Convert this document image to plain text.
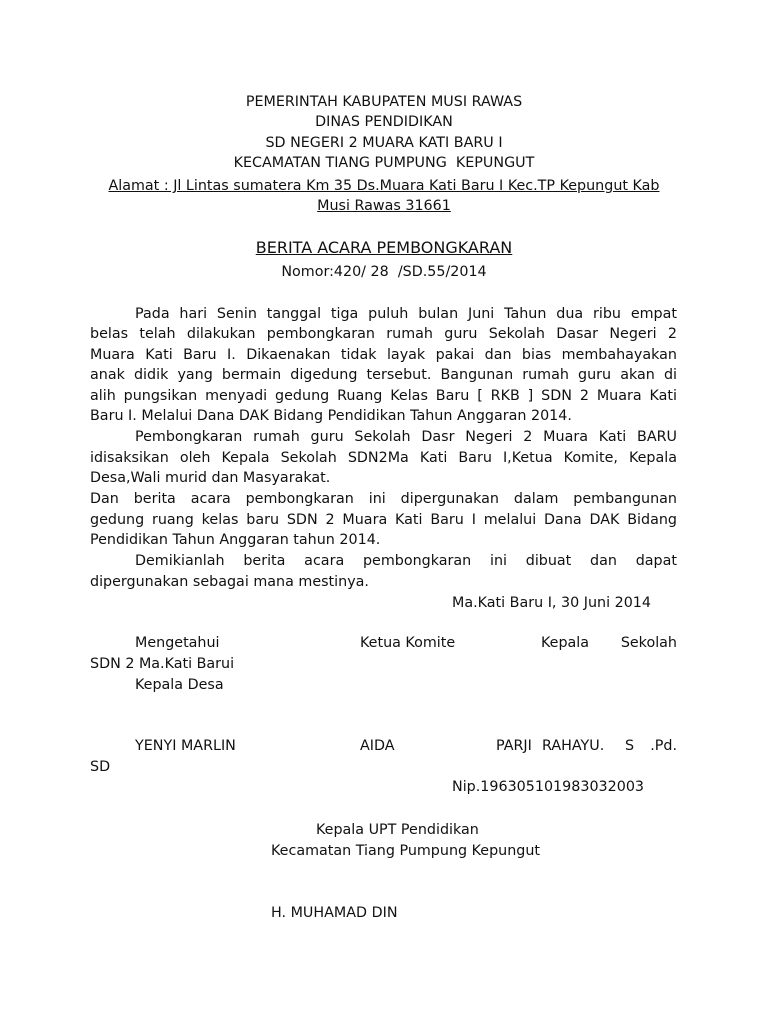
PEMERINTAH KABUPATEN MUSI RAWAS
DINAS PENDIDIKAN
SD NEGERI 2 MUARA KATI BARU I
KECAMATAN TIANG PUMPUNG  KEPUNGUT
Alamat : Jl Lintas sumatera Km 35 Ds.Muara Kati Baru I Kec.TP Kepungut Kab
Musi Rawas 31661
BERITA ACARA PEMBONGKARAN
Nomor:420/ 28  /SD.55/2014
Pada hari Senin tanggal tiga puluh bulan Juni Tahun dua ribu empat
belas telah dilakukan pembongkaran rumah guru Sekolah Dasar Negeri 2
Muara Kati Baru I. Dikaenakan tidak layak pakai dan bias membahayakan
anak didik yang bermain digedung tersebut. Bangunan rumah guru akan di
alih pungsikan menyadi gedung Ruang Kelas Baru [ RKB ] SDN 2 Muara Kati
Baru I. Melalui Dana DAK Bidang Pendidikan Tahun Anggaran 2014.
Pembongkaran rumah guru Sekolah Dasr Negeri 2 Muara Kati BARU
idisaksikan oleh Kepala Sekolah SDN2Ma Kati Baru I,Ketua Komite, Kepala
Desa,Wali murid dan Masyarakat.
Dan berita acara pembongkaran ini dipergunakan dalam pembangunan
gedung ruang kelas baru SDN 2 Muara Kati Baru I melalui Dana DAK Bidang
Pendidikan Tahun Anggaran tahun 2014.
Demikianlah berita acara pembongkaran ini dibuat dan dapat
dipergunakan sebagai mana mestinya.
Ma.Kati Baru I, 30 Juni 2014
Mengetahui	Ketua Komite	Kepala Sekolah
SDN 2 Ma.Kati Barui
Kepala Desa
YENYI MARLIN	AIDA	PARJI RAHAYU. S .Pd.
SD
Nip.196305101983032003
Kepala UPT Pendidikan
Kecamatan Tiang Pumpung Kepungut
H. MUHAMAD DIN
